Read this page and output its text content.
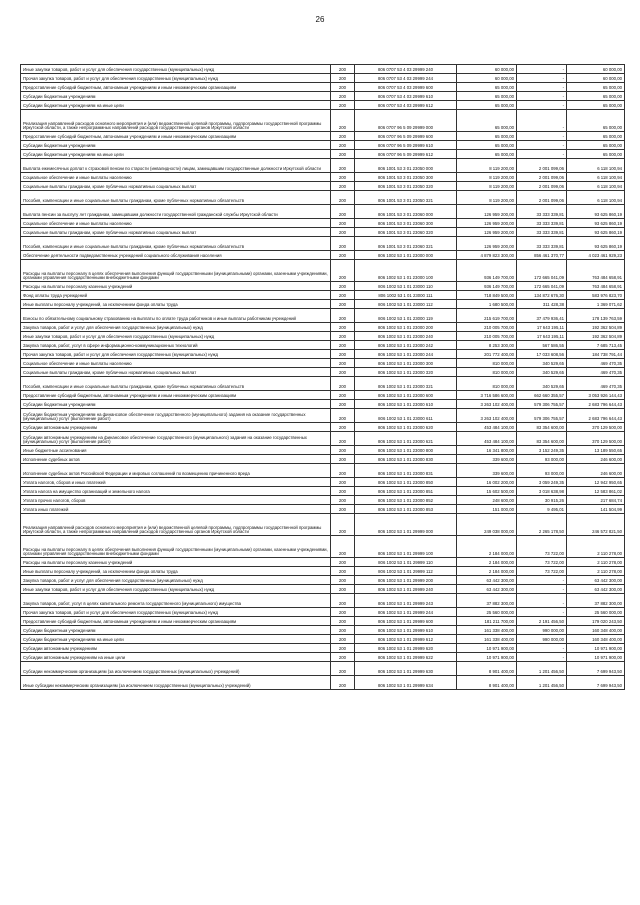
26
Иные закупки товаров, работ и услуг для обеспечения государственных (муниципальных) нужд	200	806 0707 53 4 03 29999 240	60 000,00	-	60 000,00
Прочая закупка товаров, работ и услуг для обеспечения государственных (муниципальных) нужд	200	806 0707 53 4 03 29999 244	60 000,00	-	60 000,00
Предоставление субсидий бюджетным, автономным учреждениям и иным некоммерческим организациям	200	806 0707 53 4 03 29999 600	65 000,00	-	65 000,00
Субсидии бюджетным учреждениям	200	806 0707 53 4 03 29999 610	65 000,00	-	65 000,00
Субсидии бюджетным учреждениям на иные цели	200	806 0707 53 4 03 29999 612	65 000,00	-	65 000,00
Реализация направлений расходов основного мероприятия и (или) ведомственной целевой программы, подпрограммы государственной программы Иркутской области, а также непрограммных направлений расходов государственных органов Иркутской области	200	806 0707 96 5 09 29999 000	65 000,00	-	65 000,00
Предоставление субсидий бюджетным, автономным учреждениям и иным некоммерческим организациям	200	806 0707 96 5 09 29999 600	65 000,00	-	65 000,00
Субсидии бюджетным учреждениям	200	806 0707 96 5 09 29999 610	65 000,00	-	65 000,00
Субсидии бюджетным учреждениям на иные цели	200	806 0707 96 5 09 29999 612	65 000,00	-	65 000,00
Выплата ежемесячных доплат к страховой пенсии по старости (инвалидности) лицам, замещавшим государственные должности Иркутской области	200	806 1001 53 3 01 23050 000	8 119 200,00	2 001 099,06	6 118 100,94
Социальное обеспечение и иные выплаты населению	200	806 1001 53 3 01 23050 300	8 119 200,00	2 001 099,06	6 118 100,94
Социальные выплаты гражданам, кроме публичных нормативных социальных выплат	200	806 1001 53 3 01 23050 320	8 119 200,00	2 001 099,06	6 118 100,94
Пособия, компенсации и иные социальные выплаты гражданам, кроме публичных нормативных обязательств	200	806 1001 53 3 01 23050 321	8 119 200,00	2 001 099,06	6 118 100,94
Выплата пенсии за выслугу лет гражданам, замещавшим должности государственной гражданской службы Иркутской области	200	806 1001 53 3 01 23060 000	126 959 200,00	33 333 339,81	93 625 860,19
Социальное обеспечение и иные выплаты населению	200	806 1001 53 3 01 23060 300	126 959 200,00	33 333 339,81	93 625 860,19
Социальные выплаты гражданам, кроме публичных нормативных социальных выплат	200	806 1001 53 3 01 23060 320	126 959 200,00	33 333 339,81	93 625 860,19
Пособия, компенсации и иные социальные выплаты гражданам, кроме публичных нормативных обязательств	200	806 1001 53 3 01 23060 321	126 959 200,00	33 333 339,81	93 625 860,19
Обеспечение деятельности подведомственных учреждений социального обслуживания населения	200	806 1002 53 1 01 23000 000	4 879 823 300,00	856 461 370,77	4 023 461 929,23
Расходы на выплаты персоналу в целях обеспечения выполнения функций государственными (муниципальными) органами, казенными учреждениями, органами управления государственными внебюджетными фондами	200	806 1002 53 1 01 23000 100	936 149 700,00	172 665 041,09	763 484 658,91
Расходы на выплаты персоналу казенных учреждений	200	806 1002 53 1 01 23000 110	936 149 700,00	172 665 041,09	763 484 658,91
Фонд оплаты труда учреждений	200	806 1002 53 1 01 23000 111	718 849 500,00	134 872 676,30	583 976 823,70
Иные выплаты персоналу учреждений, за исключением фонда оплаты труда	200	806 1002 53 1 01 23000 112	1 680 500,00	311 428,38	1 369 071,62
Взносы по обязательному социальному страхованию на выплаты по оплате труда работников и иные выплаты работникам учреждений	200	806 1002 53 1 01 23000 119	215 619 700,00	37 479 936,41	178 139 763,59
Закупка товаров, работ и услуг для обеспечения государственных (муниципальных) нужд	200	806 1002 53 1 01 23000 200	210 005 700,00	17 643 195,11	192 362 504,89
Иные закупки товаров, работ и услуг для обеспечения государственных (муниципальных) нужд	200	806 1002 53 1 01 23000 240	210 005 700,00	17 643 195,11	192 362 504,89
Закупка товаров, работ, услуг в сфере информационно-коммуникационных технологий	200	806 1002 53 1 01 23000 242	8 253 300,00	567 586,55	7 685 713,45
Прочая закупка товаров, работ и услуг для обеспечения государственных (муниципальных) нужд	200	806 1002 53 1 01 23000 244	201 772 400,00	17 033 608,56	184 738 791,44
Социальное обеспечение и иные выплаты населению	200	806 1002 53 1 01 23000 300	810 000,00	340 529,65	469 470,35
Социальные выплаты гражданам, кроме публичных нормативных социальных выплат	200	806 1002 53 1 01 23000 320	810 000,00	340 529,65	469 470,35
Пособия, компенсации и иные социальные выплаты гражданам, кроме публичных нормативных обязательств	200	806 1002 53 1 01 23000 321	810 000,00	340 529,65	469 470,35
Предоставление субсидий бюджетным, автономным учреждениям и иным некоммерческим организациям	200	806 1002 53 1 01 23000 600	3 716 586 600,00	662 660 355,57	3 053 926 144,43
Субсидии бюджетным учреждениям	200	806 1002 53 1 01 23000 610	3 263 102 400,00	579 306 755,57	2 683 796 644,43
Субсидии бюджетным учреждениям на финансовое обеспечение государственного (муниципального) задания на оказание государственных (муниципальных) услуг (выполнение работ)	200	806 1002 53 1 01 23000 611	3 263 102 400,00	579 306 755,57	2 683 796 644,43
Субсидии автономным учреждениям	200	806 1002 53 1 01 23000 620	453 484 100,00	83 354 600,00	370 129 500,00
Субсидии автономным учреждениям на финансовое обеспечение государственного (муниципального) задания на оказание государственных (муниципальных) услуг (выполнение работ)	200	806 1002 53 1 01 23000 621	453 484 100,00	83 354 600,00	370 129 500,00
Иные бюджетные ассигнования	200	806 1002 53 1 01 23000 800	16 341 800,00	3 152 249,35	13 189 550,65
Исполнение судебных актов	200	806 1002 53 1 01 23000 830	339 600,00	93 000,00	246 600,00
Исполнение судебных актов Российской Федерации и мировых соглашений по возмещению причиненного вреда	200	806 1002 53 1 01 23000 831	339 600,00	93 000,00	246 600,00
Уплата налогов, сборов и иных платежей	200	806 1002 53 1 01 23000 850	16 002 200,00	3 059 249,35	12 942 950,65
Уплата налога на имущество организаций и земельного налога	200	806 1002 53 1 01 23000 851	15 602 500,00	3 018 638,98	12 583 861,02
Уплата прочих налогов, сборов	200	806 1002 53 1 01 23000 852	248 600,00	30 915,26	217 684,74
Уплата иных платежей	200	806 1002 53 1 01 23000 853	151 000,00	9 495,01	141 504,99
Реализация направлений расходов основного мероприятия и (или) ведомственной целевой программы, подпрограммы государственной программы Иркутской области, а также непрограммных направлений расходов государственных органов Иркутской области	200	806 1002 53 1 01 29999 000	249 038 000,00	2 265 178,50	246 572 821,50
Расходы на выплаты персоналу в целях обеспечения выполнения функций государственными (муниципальными) органами, казенными учреждениями, органами управления государственными внебюджетными фондами	200	806 1002 53 1 01 29999 100	2 184 000,00	73 722,00	2 110 278,00
Расходы на выплаты персоналу казенных учреждений	200	806 1002 53 1 01 29999 110	2 184 000,00	73 722,00	2 110 278,00
Иные выплаты персоналу учреждений, за исключением фонда оплаты труда	200	806 1002 53 1 01 29999 112	2 184 000,00	73 722,00	2 110 278,00
Закупка товаров, работ и услуг для обеспечения государственных (муниципальных) нужд	200	806 1002 53 1 01 29999 200	63 442 300,00	-	63 442 300,00
Иные закупки товаров, работ и услуг для обеспечения государственных (муниципальных) нужд	200	806 1002 53 1 01 29999 240	63 442 300,00	-	63 442 300,00
Закупка товаров, работ, услуг в целях капитального ремонта государственного (муниципального) имущества	200	806 1002 53 1 01 29999 243	37 882 300,00	-	37 882 300,00
Прочая закупка товаров, работ и услуг для обеспечения государственных (муниципальных) нужд	200	806 1002 53 1 01 29999 244	25 560 000,00	-	25 560 000,00
Предоставление субсидий бюджетным, автономным учреждениям и иным некоммерческим организациям	200	806 1002 53 1 01 29999 600	181 211 700,00	2 191 456,50	179 020 243,50
Субсидии бюджетным учреждениям	200	806 1002 53 1 01 29999 610	161 338 400,00	990 000,00	160 348 400,00
Субсидии бюджетным учреждениям на иные цели	200	806 1002 53 1 01 29999 612	161 338 400,00	990 000,00	160 348 400,00
Субсидии автономным учреждениям	200	806 1002 53 1 01 29999 620	10 971 900,00	-	10 971 900,00
Субсидии автономным учреждениям на иные цели	200	806 1002 53 1 01 29999 622	10 971 900,00	-	10 971 900,00
Субсидии некоммерческим организациям (за исключением государственных (муниципальных) учреждений)	200	806 1002 53 1 01 29999 630	8 901 400,00	1 201 456,50	7 699 943,50
Иные субсидии некоммерческим организациям (за исключением государственных (муниципальных) учреждений)	200	806 1002 53 1 01 29999 634	8 901 400,00	1 201 456,50	7 699 943,50
